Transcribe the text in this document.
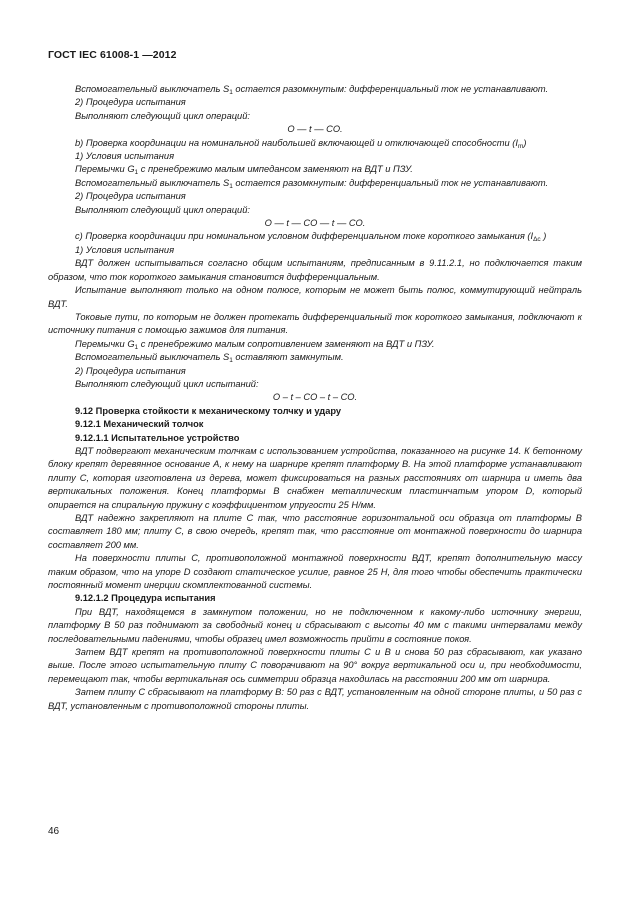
ГОСТ IEC 61008-1 —2012

Вспомогательный выключатель $S_1$ остается разомкнутым: дифференциальный ток не устанавливают.

2) Процедура испытания

Выполняют следующий цикл операций:

О — t — CO.

b) Проверка координации на номинальной наибольшей включающей и отключающей способности $(I_m)$

1) Условия испытания

Перемычки $G_1$ с пренебрежимо малым импедансом заменяют на ВДТ и ПЗУ.

Вспомогательный выключатель $S_1$ остается разомкнутым: дифференциальный ток не устанавливают.

2) Процедура испытания

Выполняют следующий цикл операций:

O — t — CO — t — CO.

c) Проверка координации при номинальном условном дифференциальном токе короткого замыкания ($I_{\Delta c}$ )

1) Условия испытания

ВДТ должен испытываться согласно общим испытаниям, предписанным в 9.11.2.1, но подключается таким образом, что ток короткого замыкания становится дифференциальным.

Испытание выполняют только на одном полюсе, которым не может быть полюс, коммутирующий нейтраль ВДТ.

Токовые пути, по которым не должен протекать дифференциальный ток короткого замыкания, подключают к источнику питания с помощью зажимов для питания.

Перемычки $G_1$ с пренебрежимо малым сопротивлением заменяют на ВДТ и ПЗУ.

Вспомогательный выключатель $S_1$ оставляют замкнутым.

2) Процедура испытания

Выполняют следующий цикл испытаний:

O – t – CO – t – CO.

9.12 Проверка стойкости к механическому толчку и удару

9.12.1 Механический толчок

9.12.1.1 Испытательное устройство

ВДТ подвергают механическим толчкам с использованием устройства, показанного на рисунке 14. К бетонному блоку крепят деревянное основание А, к нему на шарнире крепят платформу В. На этой платформе устанавливают плиту С, которая изготовлена из дерева, может фиксироваться на разных расстояниях от шарнира и иметь два вертикальных положения. Конец платформы В снабжен металлическим пластинчатым упором D, который опирается на спиральную пружину с коэффициентом упругости 25 Н/мм.

ВДТ надежно закрепляют на плите С так, что расстояние горизонтальной оси образца от платформы В составляет 180 мм; плиту С, в свою очередь, крепят так, что расстояние от монтажной поверхности до шарнира составляет 200 мм.

На поверхности плиты С, противоположной монтажной поверхности ВДТ, крепят дополнительную массу таким образом, что на упоре D создают статическое усилие, равное 25 Н, для того чтобы обеспечить практически постоянный момент инерции скомплектованной системы.

9.12.1.2 Процедура испытания

При ВДТ, находящемся в замкнутом положении, но не подключенном к какому-либо источнику энергии, платформу В 50 раз поднимают за свободный конец и сбрасывают с высоты 40 мм с такими интервалами между последовательными падениями, чтобы образец имел возможность прийти в состояние покоя.

Затем ВДТ крепят на противоположной поверхности плиты С и В и снова 50 раз сбрасывают, как указано выше. После этого испытательную плиту С поворачивают на 90° вокруг вертикальной оси и, при необходимости, перемещают так, чтобы вертикальная ось симметрии образца находилась на расстоянии 200 мм от шарнира.

Затем плиту С сбрасывают на платформу В: 50 раз с ВДТ, установленным на одной стороне плиты, и 50 раз с ВДТ, установленным с противоположной стороны плиты.

46
